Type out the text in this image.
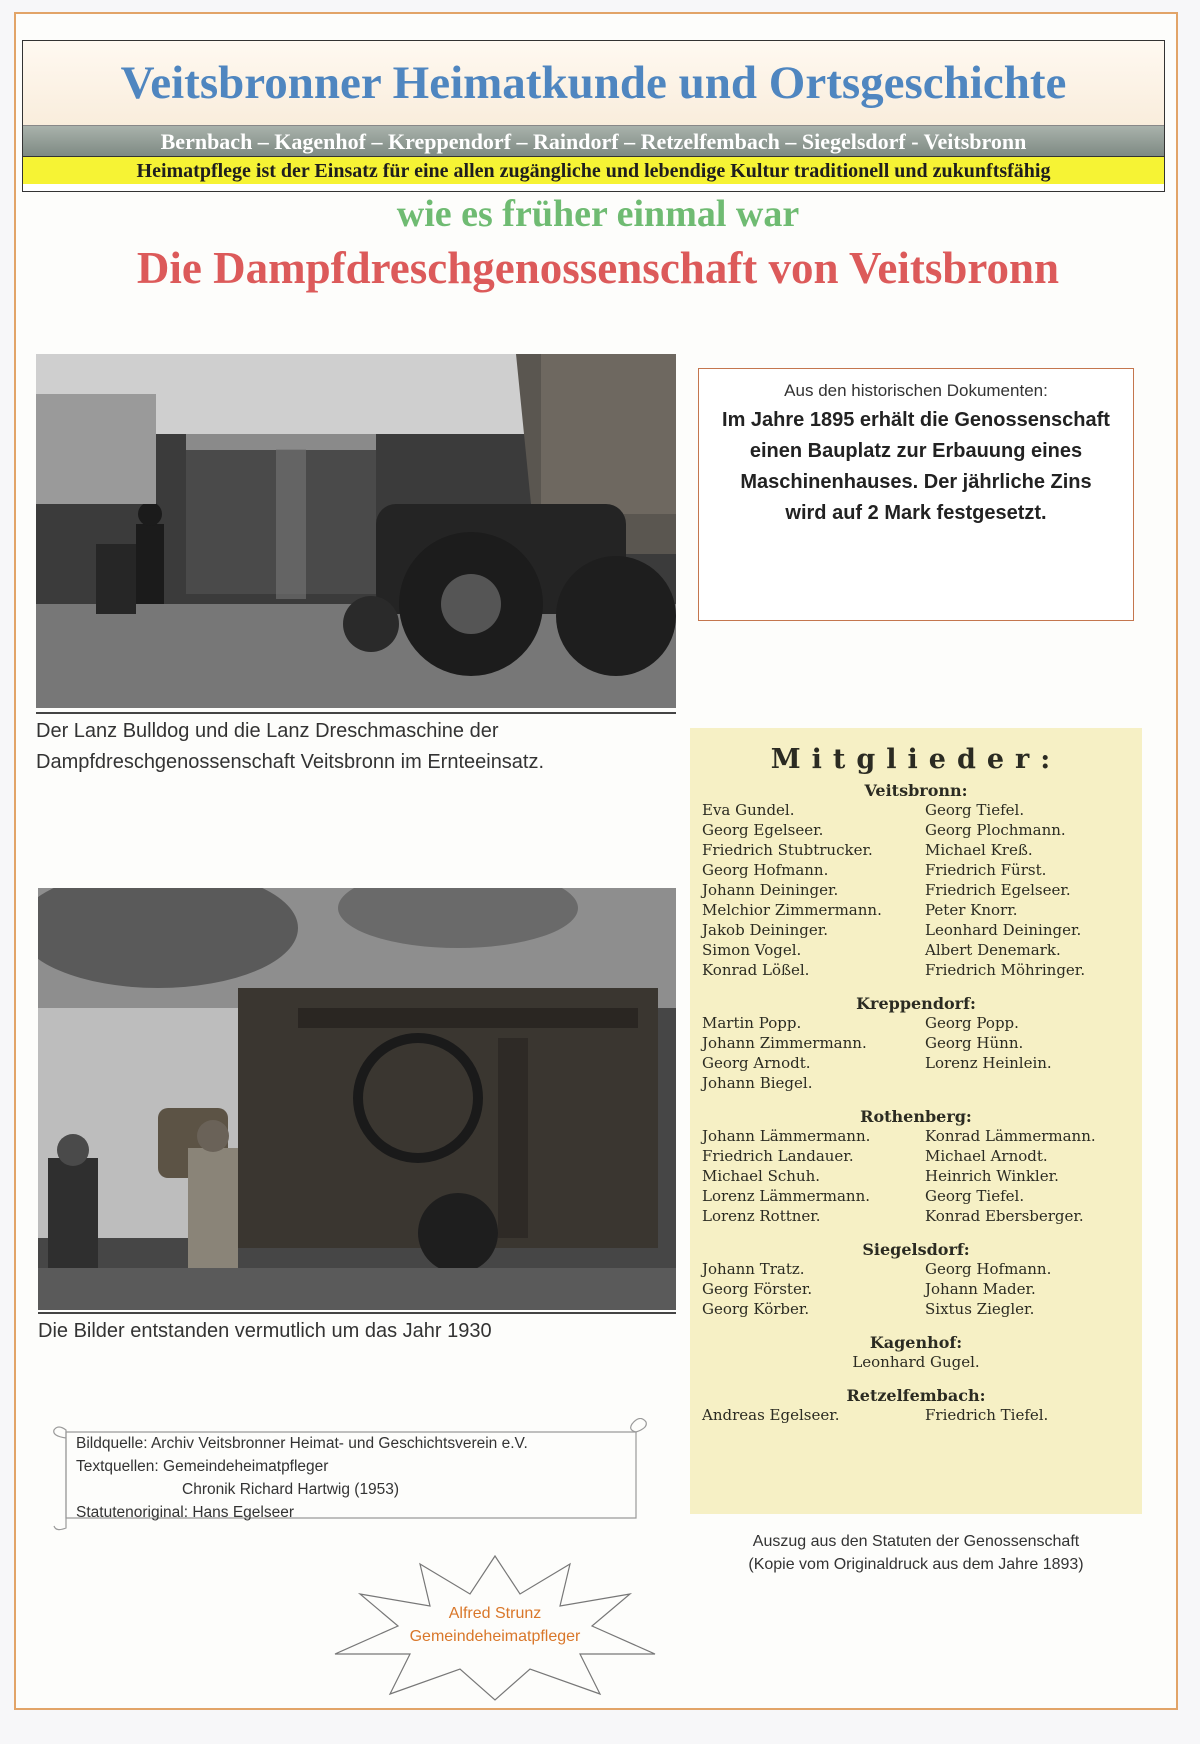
Veitsbronner Heimatkunde und Ortsgeschichte
Bernbach – Kagenhof – Kreppendorf – Raindorf – Retzelfembach – Siegelsdorf - Veitsbronn
Heimatpflege ist der Einsatz für eine allen zugängliche und lebendige Kultur traditionell und zukunftsfähig
wie es früher einmal war
Die Dampfdreschgenossenschaft von Veitsbronn
Der Lanz Bulldog und die Lanz Dreschmaschine der
Dampfdreschgenossenschaft Veitsbronn im Ernteeinsatz.
Die Bilder entstanden vermutlich um das Jahr 1930
Aus den historischen Dokumenten:
Im Jahre 1895 erhält die Genossenschaft einen Bauplatz zur Erbauung eines Maschinenhauses. Der jährliche Zins wird auf 2 Mark festgesetzt.
Mitglieder:
Veitsbronn:
Eva Gundel.
Georg Egelseer.
Friedrich Stubtrucker.
Georg Hofmann.
Johann Deininger.
Melchior Zimmermann.
Jakob Deininger.
Simon Vogel.
Konrad Lößel.
Georg Tiefel.
Georg Plochmann.
Michael Kreß.
Friedrich Fürst.
Friedrich Egelseer.
Peter Knorr.
Leonhard Deininger.
Albert Denemark.
Friedrich Möhringer.
Kreppendorf:
Martin Popp.
Johann Zimmermann.
Georg Arnodt.
Johann Biegel.
Georg Popp.
Georg Hünn.
Lorenz Heinlein.
Rothenberg:
Johann Lämmermann.
Friedrich Landauer.
Michael Schuh.
Lorenz Lämmermann.
Lorenz Rottner.
Konrad Lämmermann.
Michael Arnodt.
Heinrich Winkler.
Georg Tiefel.
Konrad Ebersberger.
Siegelsdorf:
Johann Tratz.
Georg Förster.
Georg Körber.
Georg Hofmann.
Johann Mader.
Sixtus Ziegler.
Kagenhof:
Leonhard Gugel.
Retzelfembach:
Andreas Egelseer.	Friedrich Tiefel.
Auszug aus den Statuten der Genossenschaft
(Kopie vom Originaldruck aus dem Jahre 1893)
Bildquelle: Archiv Veitsbronner Heimat- und Geschichtsverein e.V.
Textquellen: Gemeindeheimatpfleger
Chronik Richard Hartwig (1953)
Statutenoriginal: Hans Egelseer
Alfred Strunz
Gemeindeheimatpfleger
